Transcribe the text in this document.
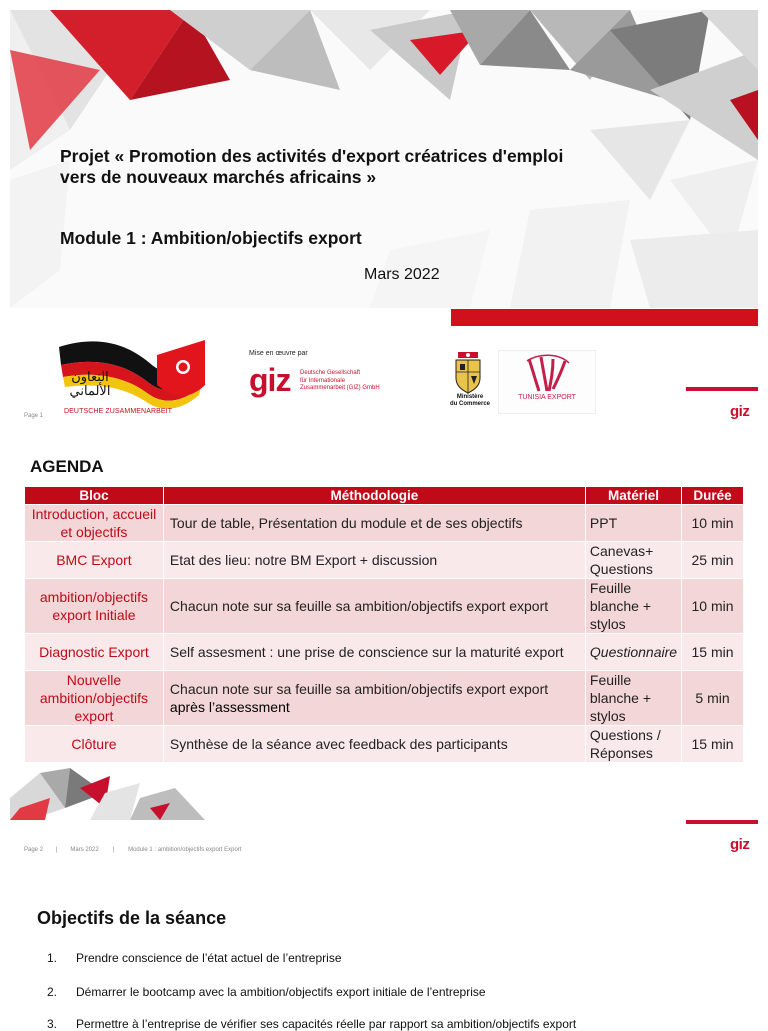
Projet « Promotion des activités d'export créatrices d'emploi
vers de nouveaux marchés africains »
Module 1 : Ambition/objectifs export
Mars 2022
التعاون
الألماني
DEUTSCHE ZUSAMMENARBEIT
Mise en œuvre par
giz Deutsche Gesellschaft
für Internationale
Zusammenarbeit (GIZ) GmbH
Ministère
du Commerce
TUNISIA EXPORT
Page 1	giz
AGENDA
Bloc	Méthodologie	Matériel	Durée
Introduction, accueil et objectifs	Tour de table, Présentation du module et de ses objectifs	PPT	10 min
BMC Export	Etat des lieu: notre BM Export + discussion	Canevas+ Questions	25 min
ambition/objectifs export Initiale	Chacun note sur sa feuille sa ambition/objectifs export export	Feuille blanche + stylos	10 min
Diagnostic Export	Self assesment : une prise de conscience sur la maturité export	Questionnaire	15 min
Nouvelle ambition/objectifs export	Chacun note sur sa feuille sa ambition/objectifs export export
après l’assessment	Feuille blanche + stylos	5 min
Clôture	Synthèse de la séance avec feedback des participants	Questions / Réponses	15 min
Page 2 | Mars 2022 | Module 1 : ambition/objectifs export Export	giz
Objectifs de la séance
1. Prendre conscience de l’état actuel de l’entreprise
2. Démarrer le bootcamp avec la ambition/objectifs export initiale de l’entreprise
3. Permettre à l’entreprise de vérifier ses capacités réelle par rapport sa ambition/objectifs export
